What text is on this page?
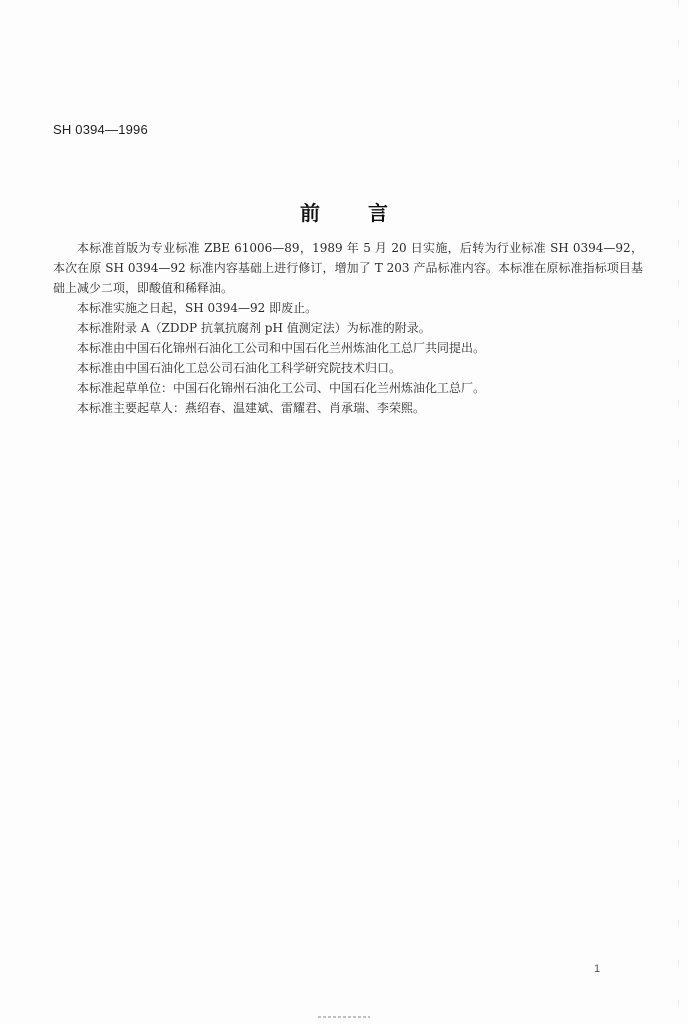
SH 0394—1996
前言

本标准首版为专业标准 ZBE 61006—89，1989 年 5 月 20 日实施，后转为行业标准 SH 0394—92，本次在原 SH 0394—92 标准内容基础上进行修订，增加了 T 203 产品标准内容。本标准在原标准指标项目基础上减少二项，即酸值和稀释油。

本标准实施之日起，SH 0394—92 即废止。

本标准附录 A（ZDDP 抗氧抗腐剂 pH 值测定法）为标准的附录。

本标准由中国石化锦州石油化工公司和中国石化兰州炼油化工总厂共同提出。

本标准由中国石油化工总公司石油化工科学研究院技术归口。

本标准起草单位：中国石化锦州石油化工公司、中国石化兰州炼油化工总厂。

本标准主要起草人：燕绍春、温建斌、雷耀君、肖承瑞、李荣熙。

1
